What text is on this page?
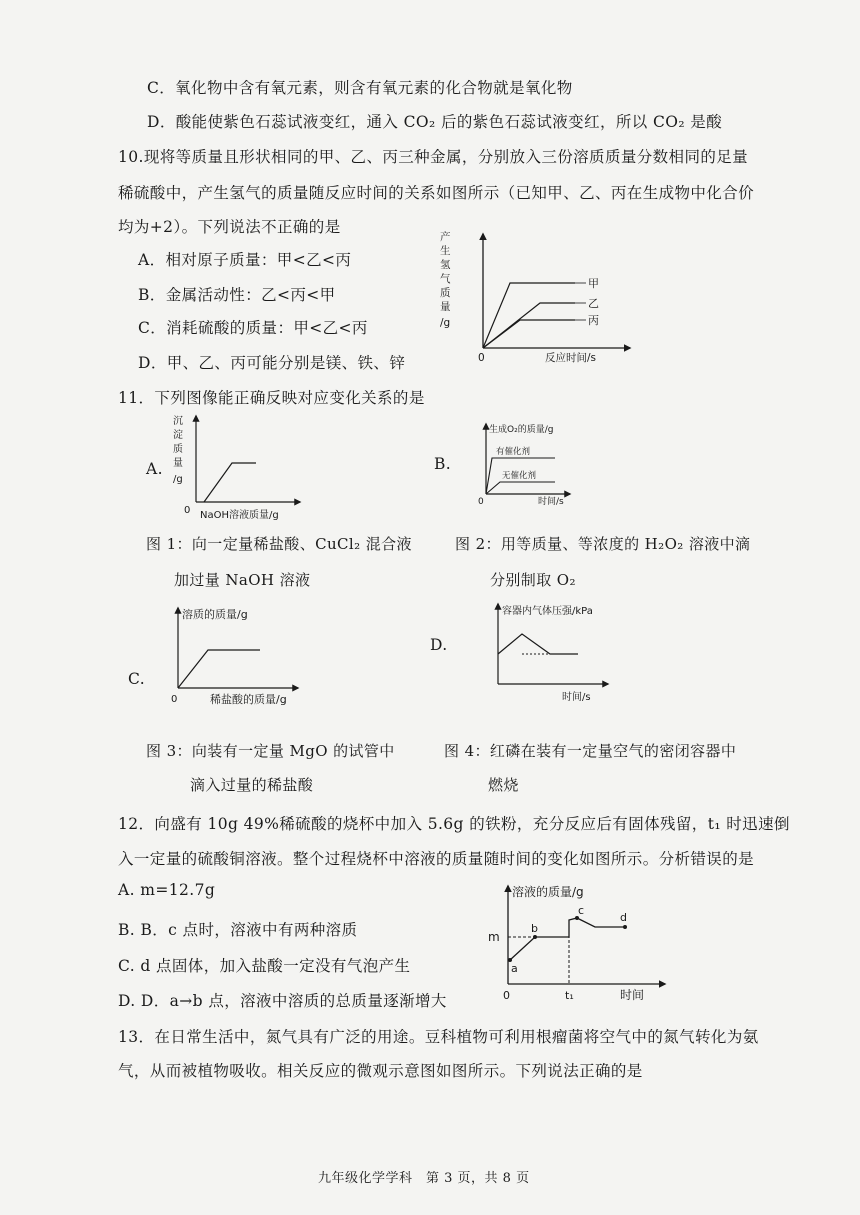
C．氧化物中含有氧元素，则含有氧元素的化合物就是氧化物
D．酸能使紫色石蕊试液变红，通入 CO₂ 后的紫色石蕊试液变红，所以 CO₂ 是酸
10.现将等质量且形状相同的甲、乙、丙三种金属，分别放入三份溶质质量分数相同的足量
稀硫酸中，产生氢气的质量随反应时间的关系如图所示（已知甲、乙、丙在生成物中化合价
均为+2）。下列说法不正确的是
A．相对原子质量：甲<乙<丙
B．金属活动性：乙<丙<甲
C．消耗硫酸的质量：甲<乙<丙
D．甲、乙、丙可能分别是镁、铁、锌
产
生
氢
气
质
量
/g
0	反应时间/s
甲
乙
丙
11．下列图像能正确反映对应变化关系的是
A.
沉
淀
质
量
/g
0 NaOH溶液质量/g
图 1：向一定量稀盐酸、CuCl₂ 混合液
加过量 NaOH 溶液
B.
生成O₂的质量/g
0	时间/s
有催化剂
无催化剂
图 2：用等质量、等浓度的 H₂O₂ 溶液中滴
分别制取 O₂
C.
溶质的质量/g
0	稀盐酸的质量/g
图 3：向装有一定量 MgO 的试管中
滴入过量的稀盐酸
D.
容器内气体压强/kPa
时间/s
图 4：红磷在装有一定量空气的密闭容器中
燃烧
12．向盛有 10g 49%稀硫酸的烧杯中加入 5.6g 的铁粉，充分反应后有固体残留，t₁ 时迅速倒
入一定量的硫酸铜溶液。整个过程烧杯中溶液的质量随时间的变化如图所示。分析错误的是
A. m=12.7g
B. B．c 点时，溶液中有两种溶质
C. d 点固体，加入盐酸一定没有气泡产生
D. D．a→b 点，溶液中溶质的总质量逐渐增大
溶液的质量/g
m
0	t₁	时间
a
b
c
d
13．在日常生活中，氮气具有广泛的用途。豆科植物可利用根瘤菌将空气中的氮气转化为氨
气，从而被植物吸收。相关反应的微观示意图如图所示。下列说法正确的是
九年级化学学科　第 3 页，共 8 页
